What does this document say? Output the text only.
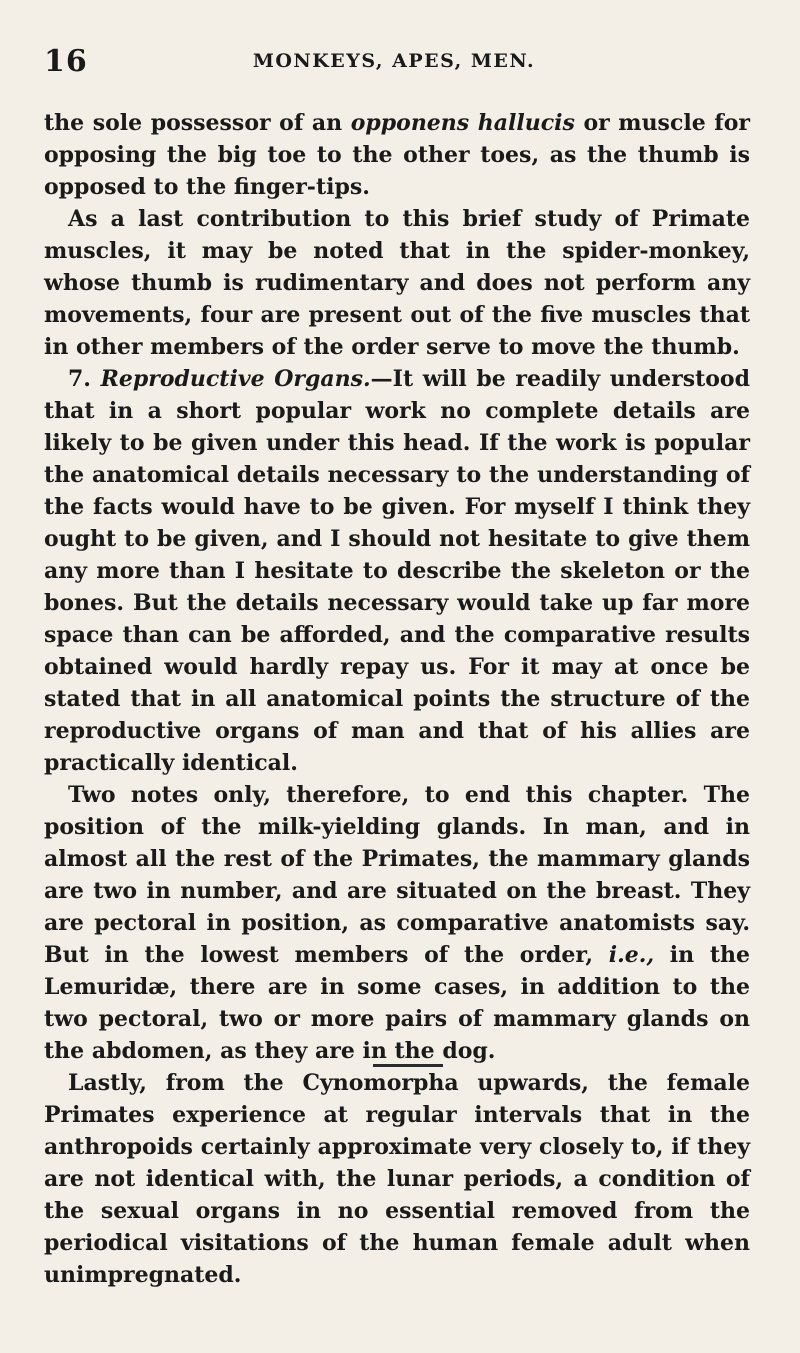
16	MONKEYS, APES, MEN.

the sole possessor of an opponens hallucis or muscle for opposing the big toe to the other toes, as the thumb is opposed to the finger-tips.

As a last contribution to this brief study of Primate muscles, it may be noted that in the spider-monkey, whose thumb is rudimentary and does not perform any movements, four are present out of the five muscles that in other members of the order serve to move the thumb.

7. Reproductive Organs.—It will be readily understood that in a short popular work no complete details are likely to be given under this head. If the work is popular the anatomical details necessary to the understanding of the facts would have to be given. For myself I think they ought to be given, and I should not hesitate to give them any more than I hesitate to describe the skeleton or the bones. But the details necessary would take up far more space than can be afforded, and the comparative results obtained would hardly repay us. For it may at once be stated that in all anatomical points the structure of the reproductive organs of man and that of his allies are practically identical.

Two notes only, therefore, to end this chapter. The position of the milk-yielding glands. In man, and in almost all the rest of the Primates, the mammary glands are two in number, and are situated on the breast. They are pectoral in position, as comparative anatomists say. But in the lowest members of the order, i.e., in the Lemuridæ, there are in some cases, in addition to the two pectoral, two or more pairs of mammary glands on the abdomen, as they are in the dog.

Lastly, from the Cynomorpha upwards, the female Primates experience at regular intervals that in the anthropoids certainly approximate very closely to, if they are not identical with, the lunar periods, a condition of the sexual organs in no essential removed from the periodical visitations of the human female adult when unimpregnated.
